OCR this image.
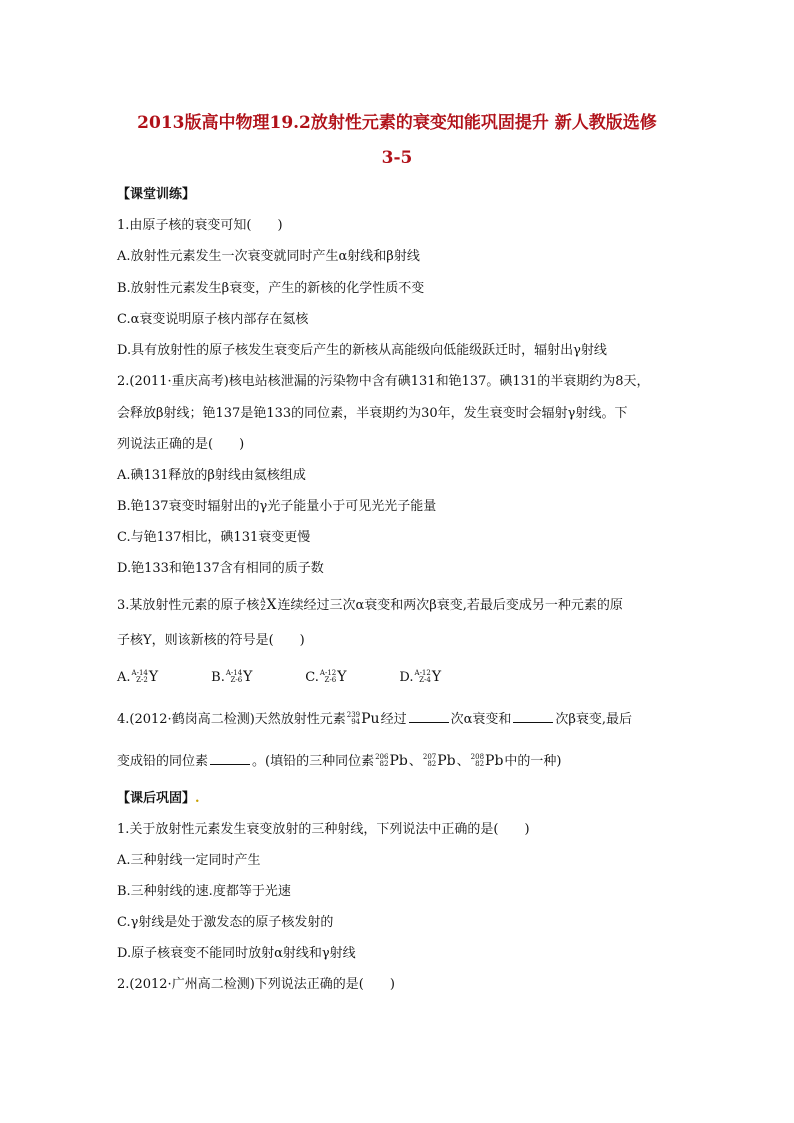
2013版高中物理19.2放射性元素的衰变知能巩固提升 新人教版选修
3-5
【课堂训练】
1.由原子核的衰变可知(　　)
A.放射性元素发生一次衰变就同时产生α射线和β射线
B.放射性元素发生β衰变，产生的新核的化学性质不变
C.α衰变说明原子核内部存在氦核
D.具有放射性的原子核发生衰变后产生的新核从高能级向低能级跃迁时，辐射出γ射线
2.(2011·重庆高考)核电站核泄漏的污染物中含有碘131和铯137。碘131的半衰期约为8天，
会释放β射线；铯137是铯133的同位素，半衰期约为30年，发生衰变时会辐射γ射线。下
列说法正确的是(　　)
A.碘131释放的β射线由氦核组成
B.铯137衰变时辐射出的γ光子能量小于可见光光子能量
C.与铯137相比，碘131衰变更慢
D.铯133和铯137含有相同的质子数
3.某放射性元素的原子核 A
Z X连续经过三次α衰变和两次β衰变,若最后变成另一种元素的原
子核Y，则该新核的符号是(　　)
A. A-14
Z-2 Y	B. A-14
Z-6 Y	C. A-12
Z-6 Y	D. A-12
Z-4 Y
4.(2012·鹤岗高二检测)天然放射性元素 239
94 Pu经过	次α衰变和	次β衰变,最后
变成铅的同位素	。(填铅的三种同位素 206
82 Pb、 207
82 Pb、 208
82 Pb中的一种)
【课后巩固】.
1.关于放射性元素发生衰变放射的三种射线，下列说法中正确的是(　　)
A.三种射线一定同时产生
B.三种射线的速.度都等于光速
C.γ射线是处于激发态的原子核发射的
D.原子核衰变不能同时放射α射线和γ射线
2.(2012·广州高二检测)下列说法正确的是(　　)
